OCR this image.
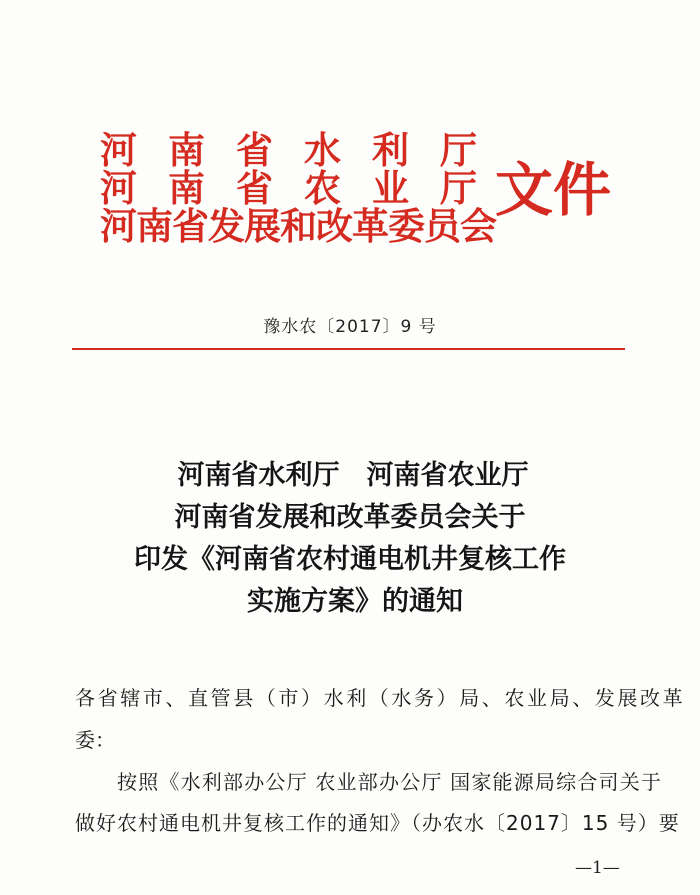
河南省水利厅
河南省农业厅
河南省发展和改革委员会
文件
豫水农〔2017〕9 号
河南省水利厅　河南省农业厅
河南省发展和改革委员会关于
印发《河南省农村通电机井复核工作
实施方案》的通知
各省辖市、直管县（市）水利（水务）局、农业局、发展改革
委：
按照《水利部办公厅 农业部办公厅 国家能源局综合司关于
做好农村通电机井复核工作的通知》（办农水〔2017〕15 号）要
—1—
